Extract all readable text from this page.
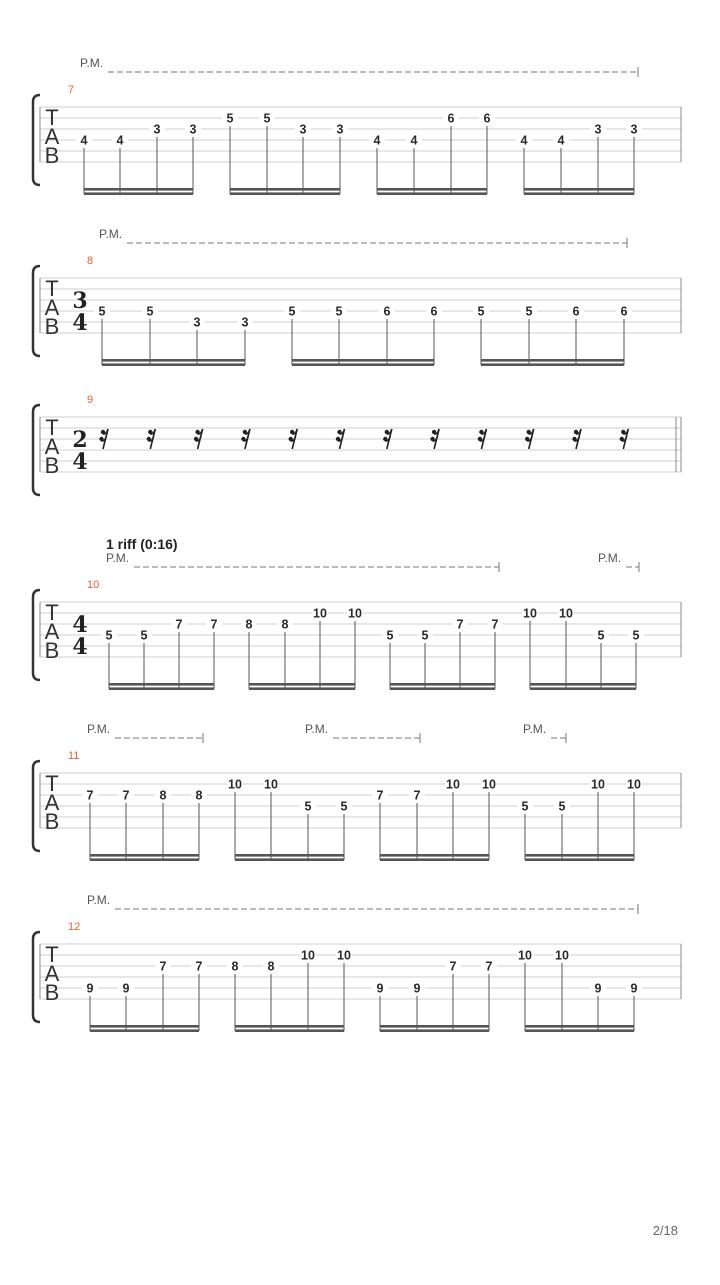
P.M.
7
T
A
B
4 4
3 3
5 5
3 3
4 4
6 6
4 4
3 3
P.M.
8
T
A
B
3
4 5	5
3	3
5	5	6	6	5	5	6	6
9
T
A
B
2
4
P.M.	P.M.
1 riff (0:16)
10
T
A
B
4
4 5 5
7 7 8 8
10 10
5 5
7 7
10 10
5 5
P.M.	P.M.	P.M.
11
T
A
B
7 7 8 8
10 10
5 5
7 7
10 10
5 5
10 10
P.M.
12
T
A
B 9 9
7 7 8 8
10 10
9 9
7 7
10 10
9 9
2/18
